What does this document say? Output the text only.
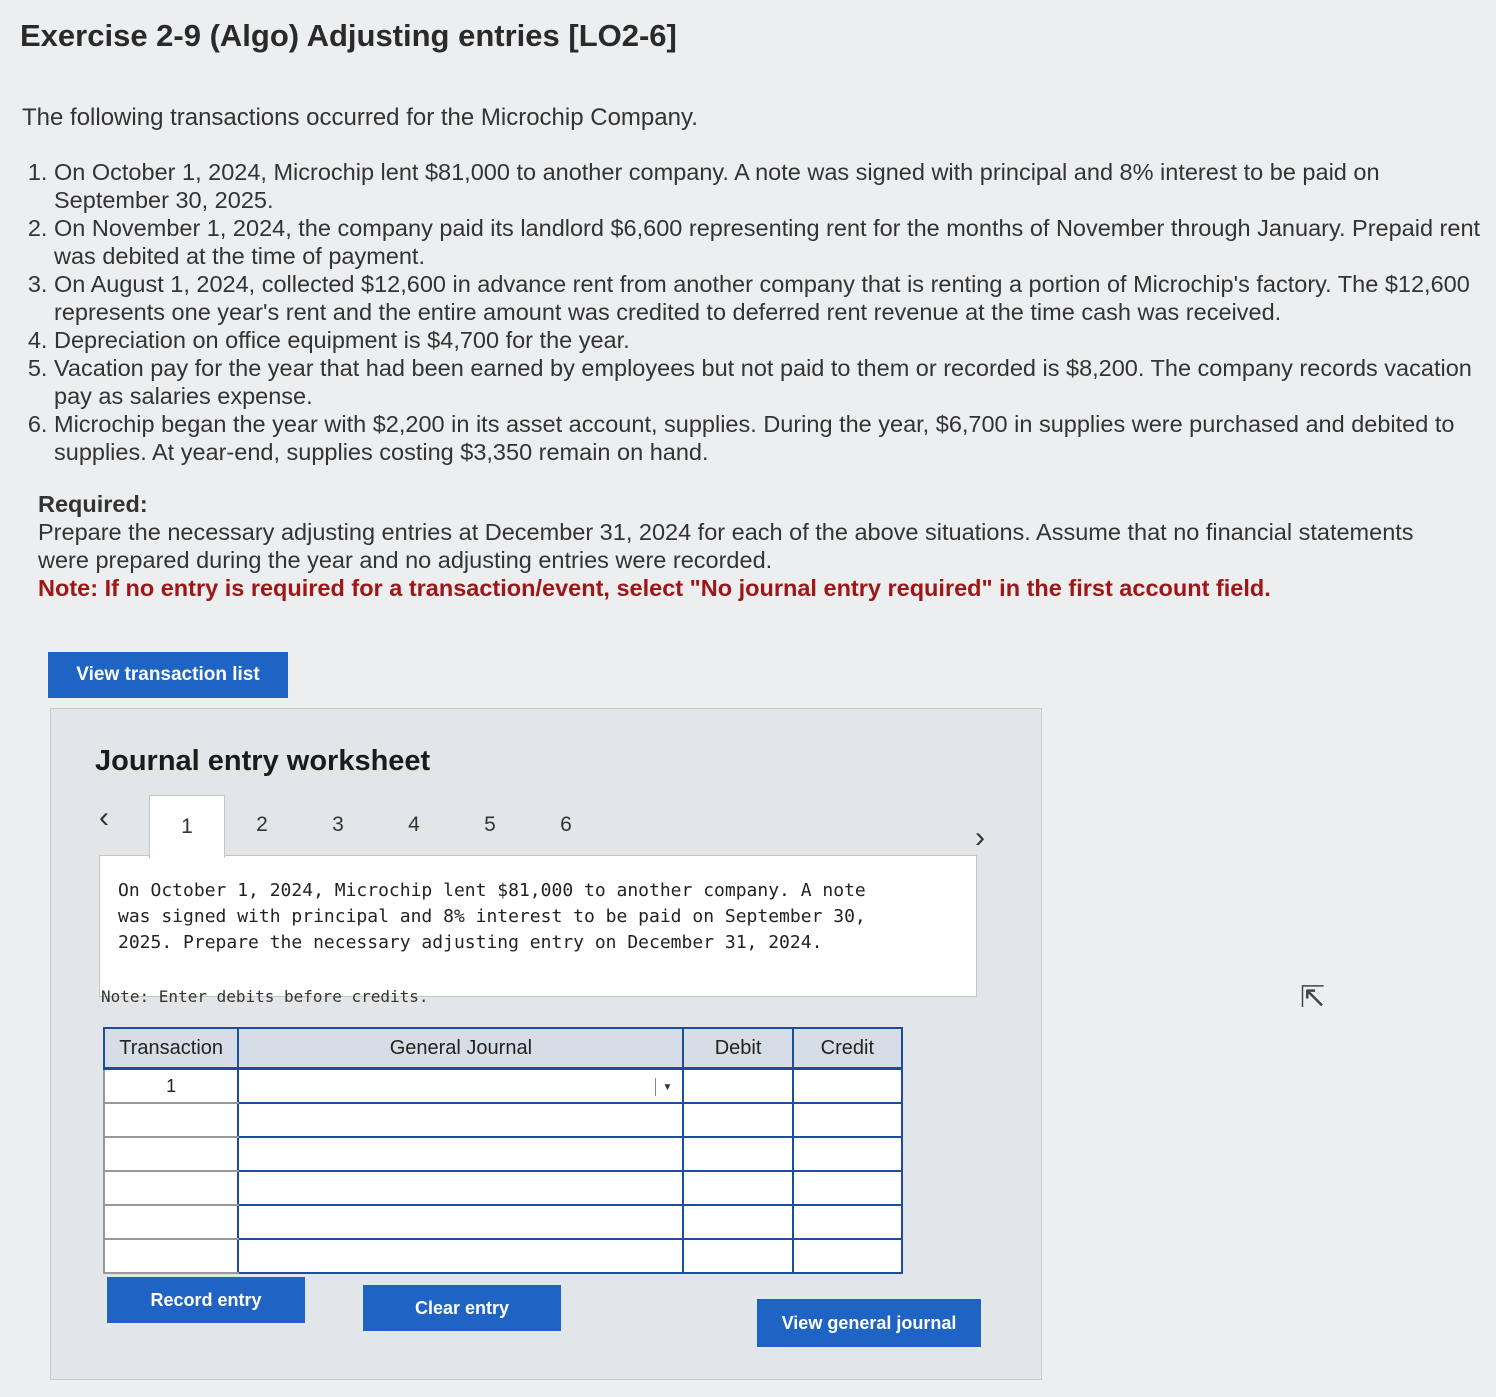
Exercise 2-9 (Algo) Adjusting entries [LO2-6]

The following transactions occurred for the Microchip Company.

1. On October 1, 2024, Microchip lent $81,000 to another company. A note was signed with principal and 8% interest to be paid on September 30, 2025.
2. On November 1, 2024, the company paid its landlord $6,600 representing rent for the months of November through January. Prepaid rent was debited at the time of payment.
3. On August 1, 2024, collected $12,600 in advance rent from another company that is renting a portion of Microchip's factory. The $12,600 represents one year's rent and the entire amount was credited to deferred rent revenue at the time cash was received.
4. Depreciation on office equipment is $4,700 for the year.
5. Vacation pay for the year that had been earned by employees but not paid to them or recorded is $8,200. The company records vacation pay as salaries expense.
6. Microchip began the year with $2,200 in its asset account, supplies. During the year, $6,700 in supplies were purchased and debited to supplies. At year-end, supplies costing $3,350 remain on hand.
Required:
Prepare the necessary adjusting entries at December 31, 2024 for each of the above situations. Assume that no financial statements were prepared during the year and no adjusting entries were recorded.
Note: If no entry is required for a transaction/event, select "No journal entry required" in the first account field.
View transaction list
Journal entry worksheet
‹
›
1	2	3	4	5	6

On October 1, 2024, Microchip lent $81,000 to another company. A note was signed with principal and 8% interest to be paid on September 30, 2025. Prepare the necessary adjusting entry on December 31, 2024.

Note: Enter debits before credits.
Transaction	General Journal	Debit	Credit
1	▼		

Record entry	Clear entry
View general journal
⇱
